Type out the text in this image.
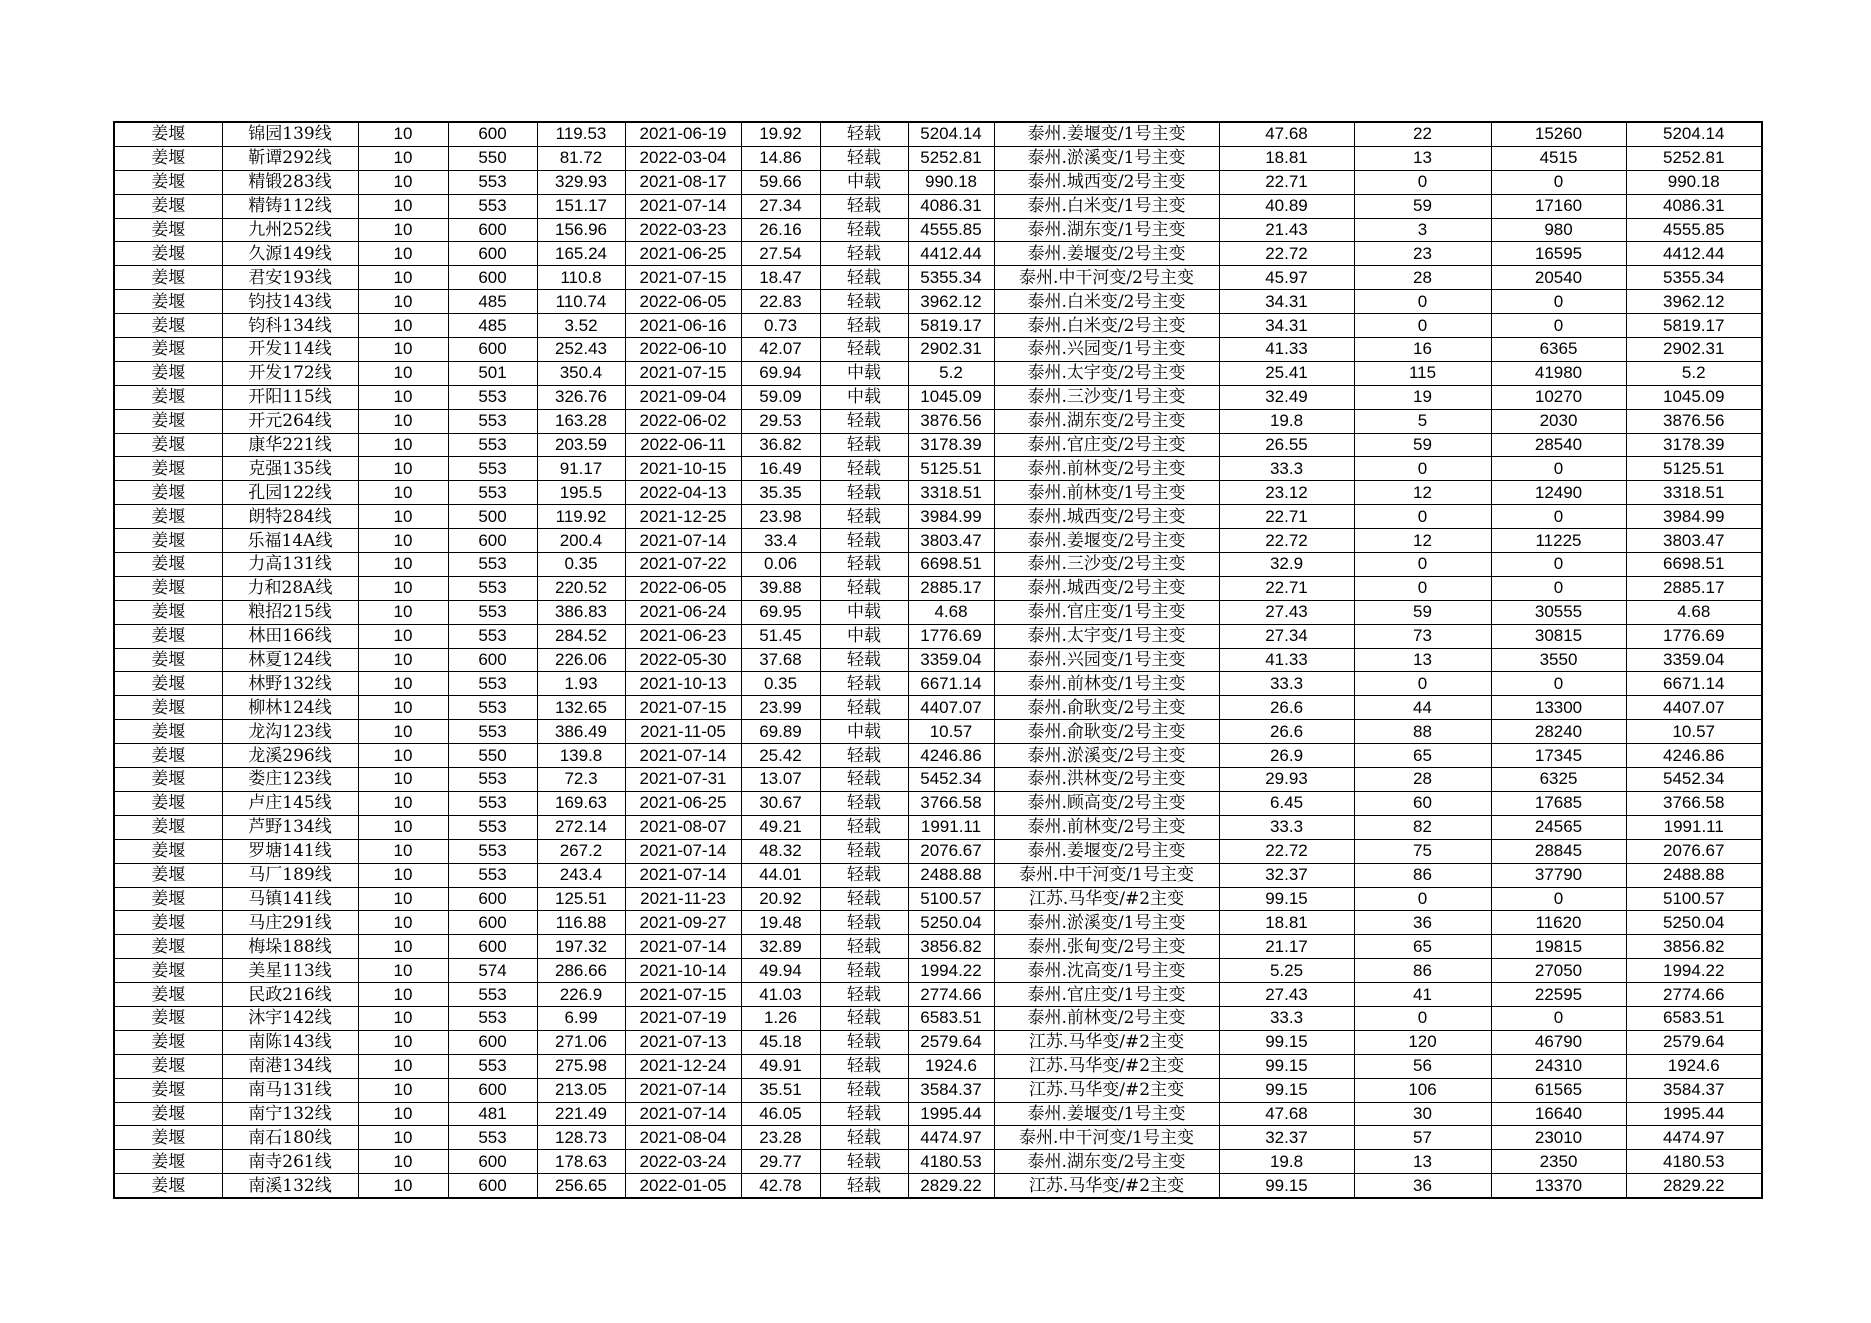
姜堰	锦园139线	10	600	119.53	2021-06-19	19.92	轻载	5204.14	泰州.姜堰变/1号主变	47.68	22	15260	5204.14
姜堰	靳谭292线	10	550	81.72	2022-03-04	14.86	轻载	5252.81	泰州.淤溪变/1号主变	18.81	13	4515	5252.81
姜堰	精锻283线	10	553	329.93	2021-08-17	59.66	中载	990.18	泰州.城西变/2号主变	22.71	0	0	990.18
姜堰	精铸112线	10	553	151.17	2021-07-14	27.34	轻载	4086.31	泰州.白米变/1号主变	40.89	59	17160	4086.31
姜堰	九州252线	10	600	156.96	2022-03-23	26.16	轻载	4555.85	泰州.湖东变/1号主变	21.43	3	980	4555.85
姜堰	久源149线	10	600	165.24	2021-06-25	27.54	轻载	4412.44	泰州.姜堰变/2号主变	22.72	23	16595	4412.44
姜堰	君安193线	10	600	110.8	2021-07-15	18.47	轻载	5355.34	泰州.中干河变/2号主变	45.97	28	20540	5355.34
姜堰	钧技143线	10	485	110.74	2022-06-05	22.83	轻载	3962.12	泰州.白米变/2号主变	34.31	0	0	3962.12
姜堰	钧科134线	10	485	3.52	2021-06-16	0.73	轻载	5819.17	泰州.白米变/2号主变	34.31	0	0	5819.17
姜堰	开发114线	10	600	252.43	2022-06-10	42.07	轻载	2902.31	泰州.兴园变/1号主变	41.33	16	6365	2902.31
姜堰	开发172线	10	501	350.4	2021-07-15	69.94	中载	5.2	泰州.太宇变/2号主变	25.41	115	41980	5.2
姜堰	开阳115线	10	553	326.76	2021-09-04	59.09	中载	1045.09	泰州.三沙变/1号主变	32.49	19	10270	1045.09
姜堰	开元264线	10	553	163.28	2022-06-02	29.53	轻载	3876.56	泰州.湖东变/2号主变	19.8	5	2030	3876.56
姜堰	康华221线	10	553	203.59	2022-06-11	36.82	轻载	3178.39	泰州.官庄变/2号主变	26.55	59	28540	3178.39
姜堰	克强135线	10	553	91.17	2021-10-15	16.49	轻载	5125.51	泰州.前林变/2号主变	33.3	0	0	5125.51
姜堰	孔园122线	10	553	195.5	2022-04-13	35.35	轻载	3318.51	泰州.前林变/1号主变	23.12	12	12490	3318.51
姜堰	朗特284线	10	500	119.92	2021-12-25	23.98	轻载	3984.99	泰州.城西变/2号主变	22.71	0	0	3984.99
姜堰	乐福14A线	10	600	200.4	2021-07-14	33.4	轻载	3803.47	泰州.姜堰变/2号主变	22.72	12	11225	3803.47
姜堰	力高131线	10	553	0.35	2021-07-22	0.06	轻载	6698.51	泰州.三沙变/2号主变	32.9	0	0	6698.51
姜堰	力和28A线	10	553	220.52	2022-06-05	39.88	轻载	2885.17	泰州.城西变/2号主变	22.71	0	0	2885.17
姜堰	粮招215线	10	553	386.83	2021-06-24	69.95	中载	4.68	泰州.官庄变/1号主变	27.43	59	30555	4.68
姜堰	林田166线	10	553	284.52	2021-06-23	51.45	中载	1776.69	泰州.太宇变/1号主变	27.34	73	30815	1776.69
姜堰	林夏124线	10	600	226.06	2022-05-30	37.68	轻载	3359.04	泰州.兴园变/1号主变	41.33	13	3550	3359.04
姜堰	林野132线	10	553	1.93	2021-10-13	0.35	轻载	6671.14	泰州.前林变/1号主变	33.3	0	0	6671.14
姜堰	柳林124线	10	553	132.65	2021-07-15	23.99	轻载	4407.07	泰州.俞耿变/2号主变	26.6	44	13300	4407.07
姜堰	龙沟123线	10	553	386.49	2021-11-05	69.89	中载	10.57	泰州.俞耿变/2号主变	26.6	88	28240	10.57
姜堰	龙溪296线	10	550	139.8	2021-07-14	25.42	轻载	4246.86	泰州.淤溪变/2号主变	26.9	65	17345	4246.86
姜堰	娄庄123线	10	553	72.3	2021-07-31	13.07	轻载	5452.34	泰州.洪林变/2号主变	29.93	28	6325	5452.34
姜堰	卢庄145线	10	553	169.63	2021-06-25	30.67	轻载	3766.58	泰州.顾高变/2号主变	6.45	60	17685	3766.58
姜堰	芦野134线	10	553	272.14	2021-08-07	49.21	轻载	1991.11	泰州.前林变/2号主变	33.3	82	24565	1991.11
姜堰	罗塘141线	10	553	267.2	2021-07-14	48.32	轻载	2076.67	泰州.姜堰变/2号主变	22.72	75	28845	2076.67
姜堰	马厂189线	10	553	243.4	2021-07-14	44.01	轻载	2488.88	泰州.中干河变/1号主变	32.37	86	37790	2488.88
姜堰	马镇141线	10	600	125.51	2021-11-23	20.92	轻载	5100.57	江苏.马华变/#2主变	99.15	0	0	5100.57
姜堰	马庄291线	10	600	116.88	2021-09-27	19.48	轻载	5250.04	泰州.淤溪变/1号主变	18.81	36	11620	5250.04
姜堰	梅垛188线	10	600	197.32	2021-07-14	32.89	轻载	3856.82	泰州.张甸变/2号主变	21.17	65	19815	3856.82
姜堰	美星113线	10	574	286.66	2021-10-14	49.94	轻载	1994.22	泰州.沈高变/1号主变	5.25	86	27050	1994.22
姜堰	民政216线	10	553	226.9	2021-07-15	41.03	轻载	2774.66	泰州.官庄变/1号主变	27.43	41	22595	2774.66
姜堰	沐宇142线	10	553	6.99	2021-07-19	1.26	轻载	6583.51	泰州.前林变/2号主变	33.3	0	0	6583.51
姜堰	南陈143线	10	600	271.06	2021-07-13	45.18	轻载	2579.64	江苏.马华变/#2主变	99.15	120	46790	2579.64
姜堰	南港134线	10	553	275.98	2021-12-24	49.91	轻载	1924.6	江苏.马华变/#2主变	99.15	56	24310	1924.6
姜堰	南马131线	10	600	213.05	2021-07-14	35.51	轻载	3584.37	江苏.马华变/#2主变	99.15	106	61565	3584.37
姜堰	南宁132线	10	481	221.49	2021-07-14	46.05	轻载	1995.44	泰州.姜堰变/1号主变	47.68	30	16640	1995.44
姜堰	南石180线	10	553	128.73	2021-08-04	23.28	轻载	4474.97	泰州.中干河变/1号主变	32.37	57	23010	4474.97
姜堰	南寺261线	10	600	178.63	2022-03-24	29.77	轻载	4180.53	泰州.湖东变/2号主变	19.8	13	2350	4180.53
姜堰	南溪132线	10	600	256.65	2022-01-05	42.78	轻载	2829.22	江苏.马华变/#2主变	99.15	36	13370	2829.22
